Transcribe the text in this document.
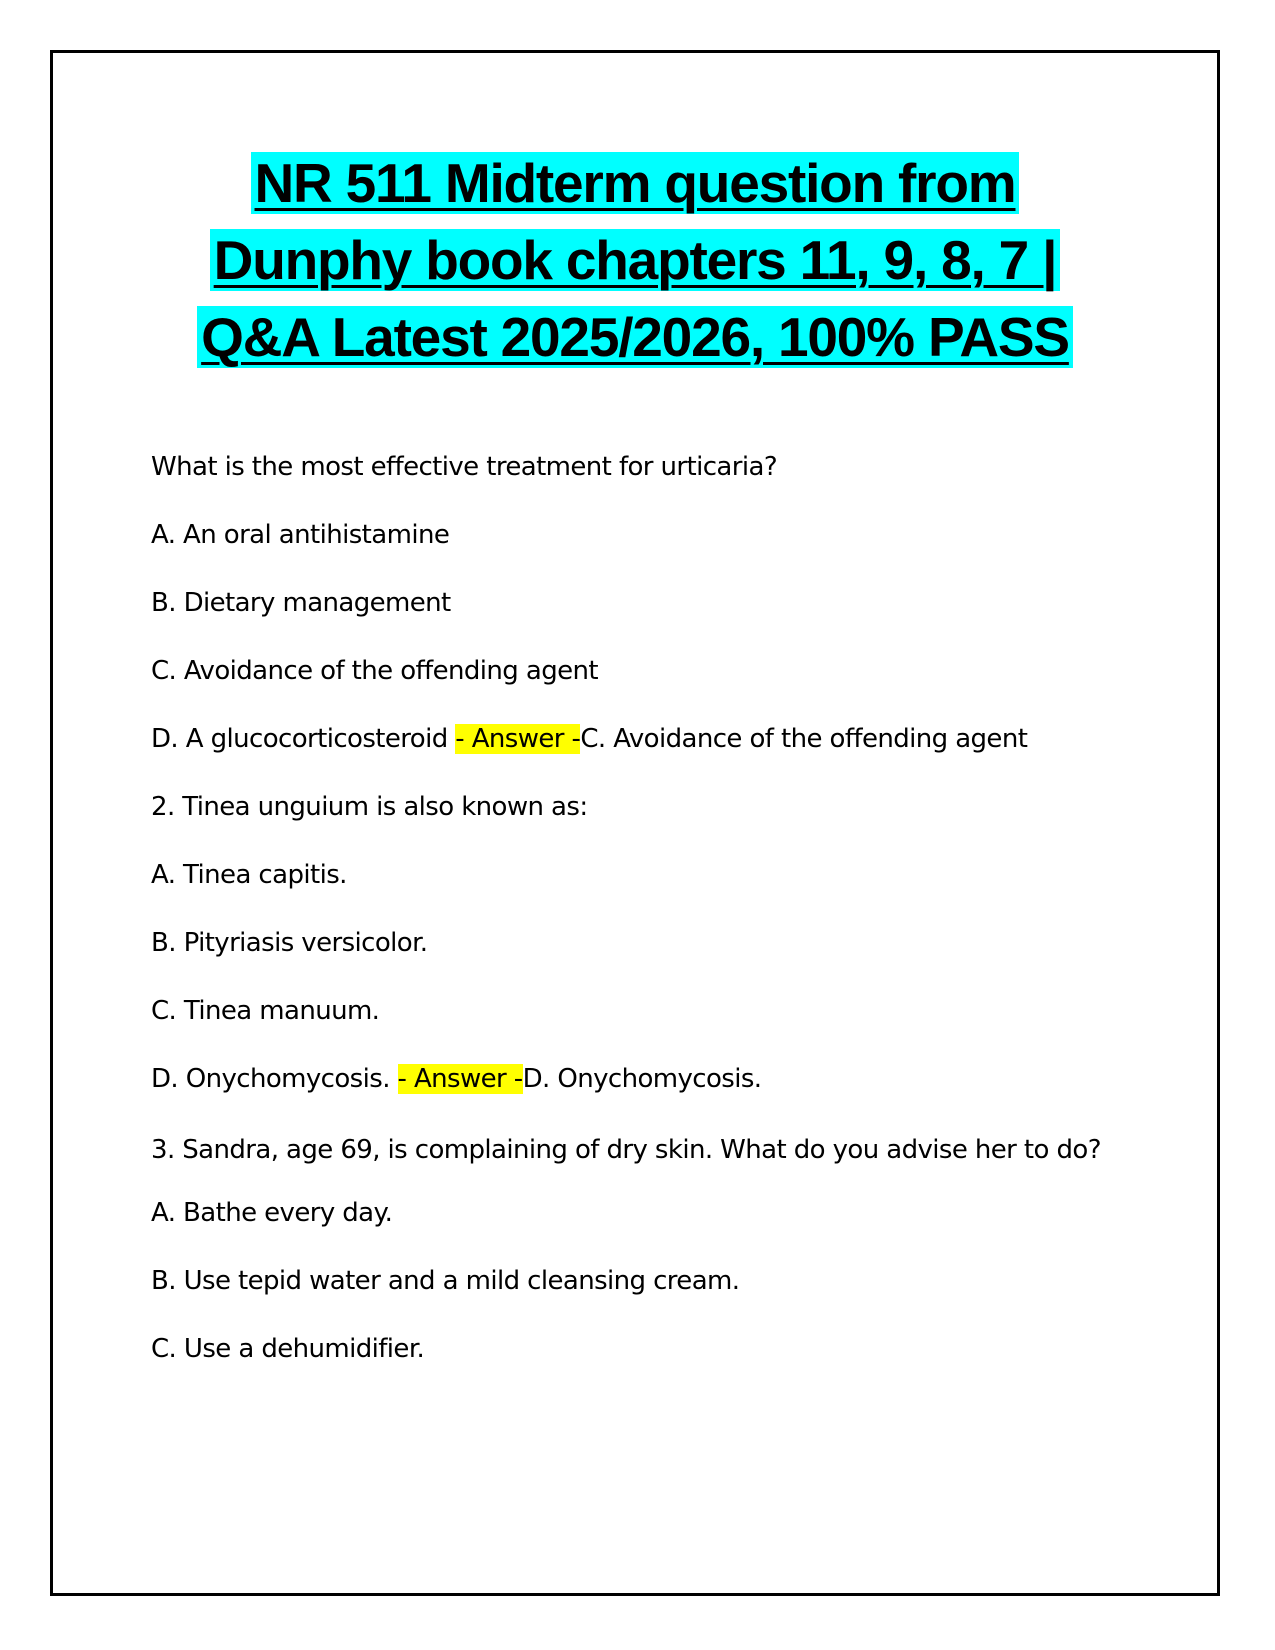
NR 511 Midterm question from
Dunphy book chapters 11, 9, 8, 7 |
Q&A Latest 2025/2026, 100% PASS

What is the most effective treatment for urticaria?

A. An oral antihistamine

B. Dietary management

C. Avoidance of the offending agent

D. A glucocorticosteroid - Answer -C. Avoidance of the offending agent

2. Tinea unguium is also known as:

A. Tinea capitis.

B. Pityriasis versicolor.

C. Tinea manuum.

D. Onychomycosis. - Answer -D. Onychomycosis.

3. Sandra, age 69, is complaining of dry skin. What do you advise her to do?

A. Bathe every day.

B. Use tepid water and a mild cleansing cream.

C. Use a dehumidifier.
